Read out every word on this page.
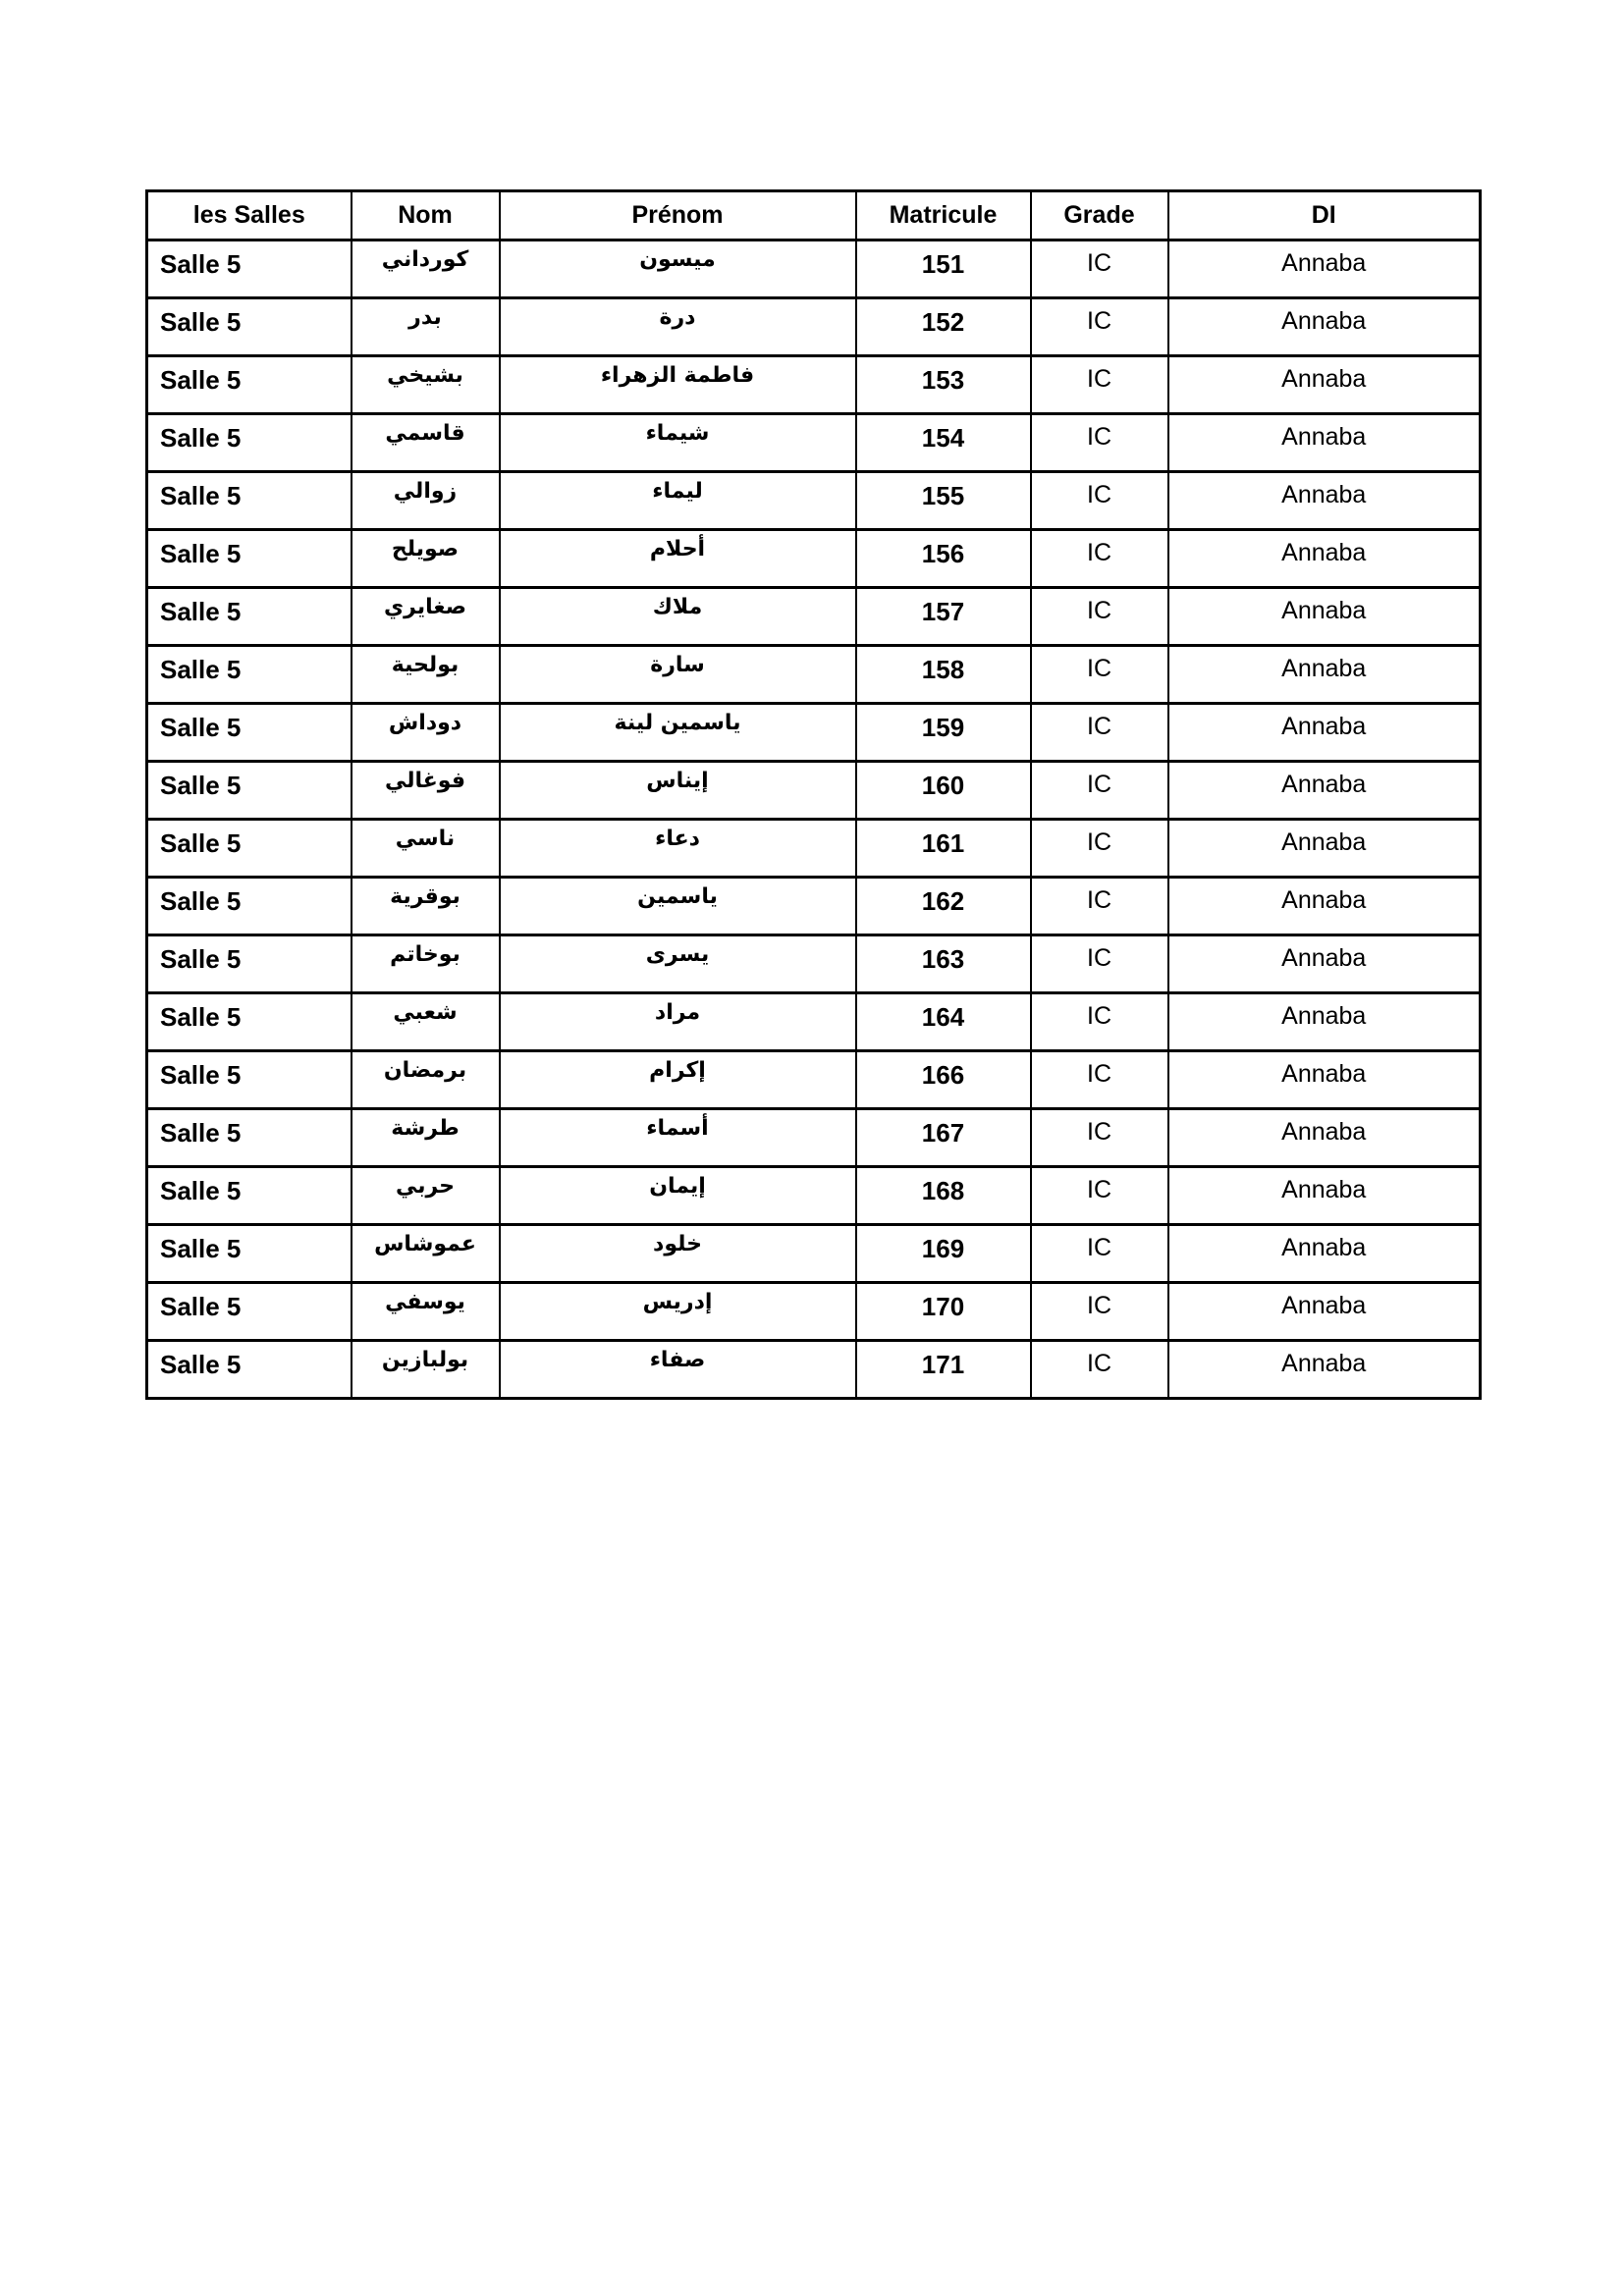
les Salles	Nom	Prénom	Matricule	Grade	DI
Salle 5	كورداني	ميسون	151	IC	Annaba
Salle 5	بدر	درة	152	IC	Annaba
Salle 5	بشيخي	فاطمة الزهراء	153	IC	Annaba
Salle 5	قاسمي	شيماء	154	IC	Annaba
Salle 5	زوالي	ليماء	155	IC	Annaba
Salle 5	صويلح	أحلام	156	IC	Annaba
Salle 5	صغايري	ملاك	157	IC	Annaba
Salle 5	بولحية	سارة	158	IC	Annaba
Salle 5	دوداش	ياسمين لينة	159	IC	Annaba
Salle 5	فوغالي	إيناس	160	IC	Annaba
Salle 5	ناسي	دعاء	161	IC	Annaba
Salle 5	بوقرية	ياسمين	162	IC	Annaba
Salle 5	بوخاتم	يسرى	163	IC	Annaba
Salle 5	شعبي	مراد	164	IC	Annaba
Salle 5	برمضان	إكرام	166	IC	Annaba
Salle 5	طرشة	أسماء	167	IC	Annaba
Salle 5	حربي	إيمان	168	IC	Annaba
Salle 5	عموشاس	خلود	169	IC	Annaba
Salle 5	يوسفي	إدريس	170	IC	Annaba
Salle 5	بولبازين	صفاء	171	IC	Annaba
